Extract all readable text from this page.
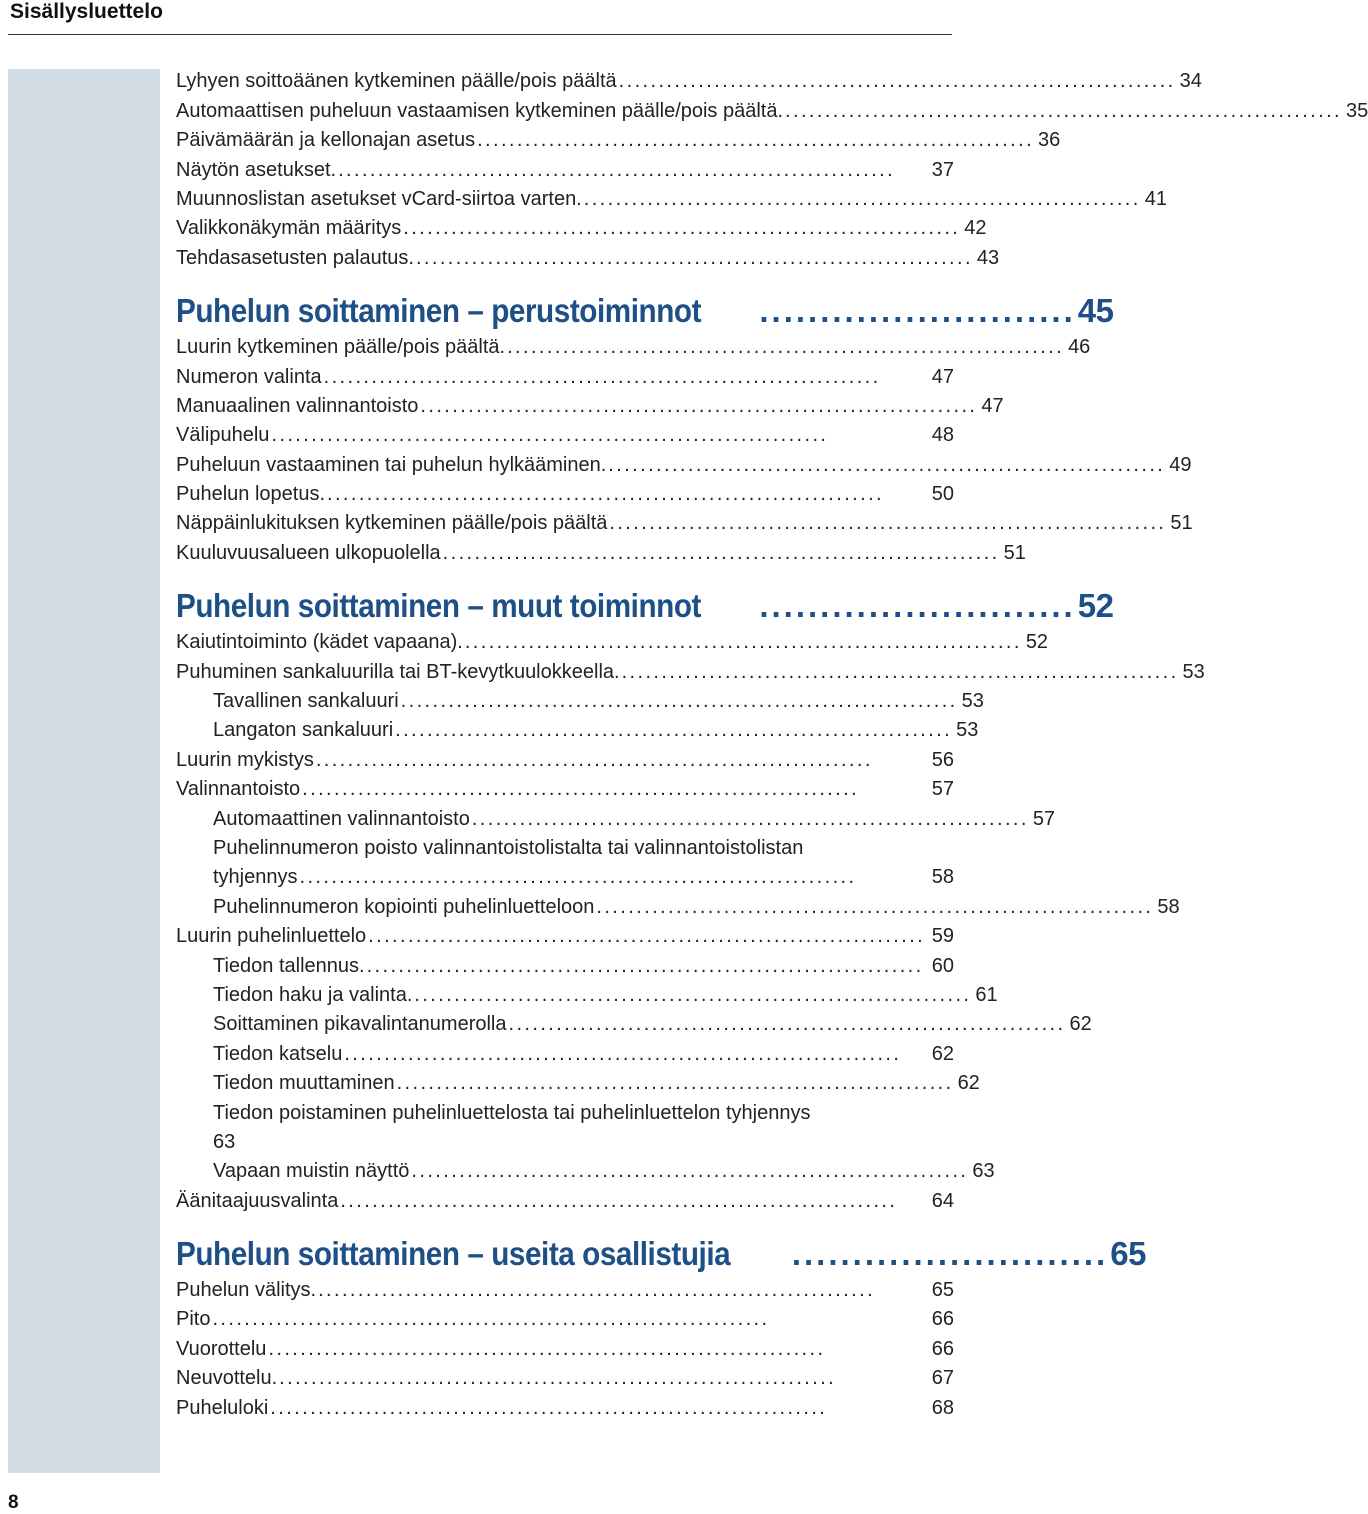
Sisällysluettelo
8
Lyhyen soittoäänen kytkeminen päälle/pois päältä ...................................................................... 34
Automaattisen puheluun vastaamisen kytkeminen päälle/pois päältä. ...................................................................... 35
Päivämäärän ja kellonajan asetus ...................................................................... 36
Näytön asetukset. ......................................................................	37
Muunnoslistan asetukset vCard-siirtoa varten. ...................................................................... 41
Valikkonäkymän määritys ...................................................................... 42
Tehdasasetusten palautus. ...................................................................... 43
Puhelun soittaminen – perustoiminnot .......................... 45
Luurin kytkeminen päälle/pois päältä. ...................................................................... 46
Numeron valinta ......................................................................	47
Manuaalinen valinnantoisto ...................................................................... 47
Välipuhelu ......................................................................	48
Puheluun vastaaminen tai puhelun hylkääminen. ...................................................................... 49
Puhelun lopetus. ......................................................................	50
Näppäinlukituksen kytkeminen päälle/pois päältä ...................................................................... 51
Kuuluvuusalueen ulkopuolella ...................................................................... 51
Puhelun soittaminen – muut toiminnot .......................... 52
Kaiutintoiminto (kädet vapaana). ...................................................................... 52
Puhuminen sankaluurilla tai BT-kevytkuulokkeella. ...................................................................... 53
Tavallinen sankaluuri ...................................................................... 53
Langaton sankaluuri ...................................................................... 53
Luurin mykistys ......................................................................	56
Valinnantoisto ......................................................................	57
Automaattinen valinnantoisto ...................................................................... 57
Puhelinnumeron poisto valinnantoistolistalta tai valinnantoistolistan
tyhjennys ......................................................................	58
Puhelinnumeron kopiointi puhelinluetteloon ...................................................................... 58
Luurin puhelinluettelo ...................................................................... 59
Tiedon tallennus. ...................................................................... 60
Tiedon haku ja valinta. ...................................................................... 61
Soittaminen pikavalintanumerolla ...................................................................... 62
Tiedon katselu ......................................................................	62
Tiedon muuttaminen ...................................................................... 62
Tiedon poistaminen puhelinluettelosta tai puhelinluettelon tyhjennys
63
Vapaan muistin näyttö ...................................................................... 63
Äänitaajuusvalinta ......................................................................	64
Puhelun soittaminen – useita osallistujia .......................... 65
Puhelun välitys. ......................................................................	65
Pito ......................................................................	66
Vuorottelu ......................................................................	66
Neuvottelu. ......................................................................	67
Puheluloki ......................................................................	68
